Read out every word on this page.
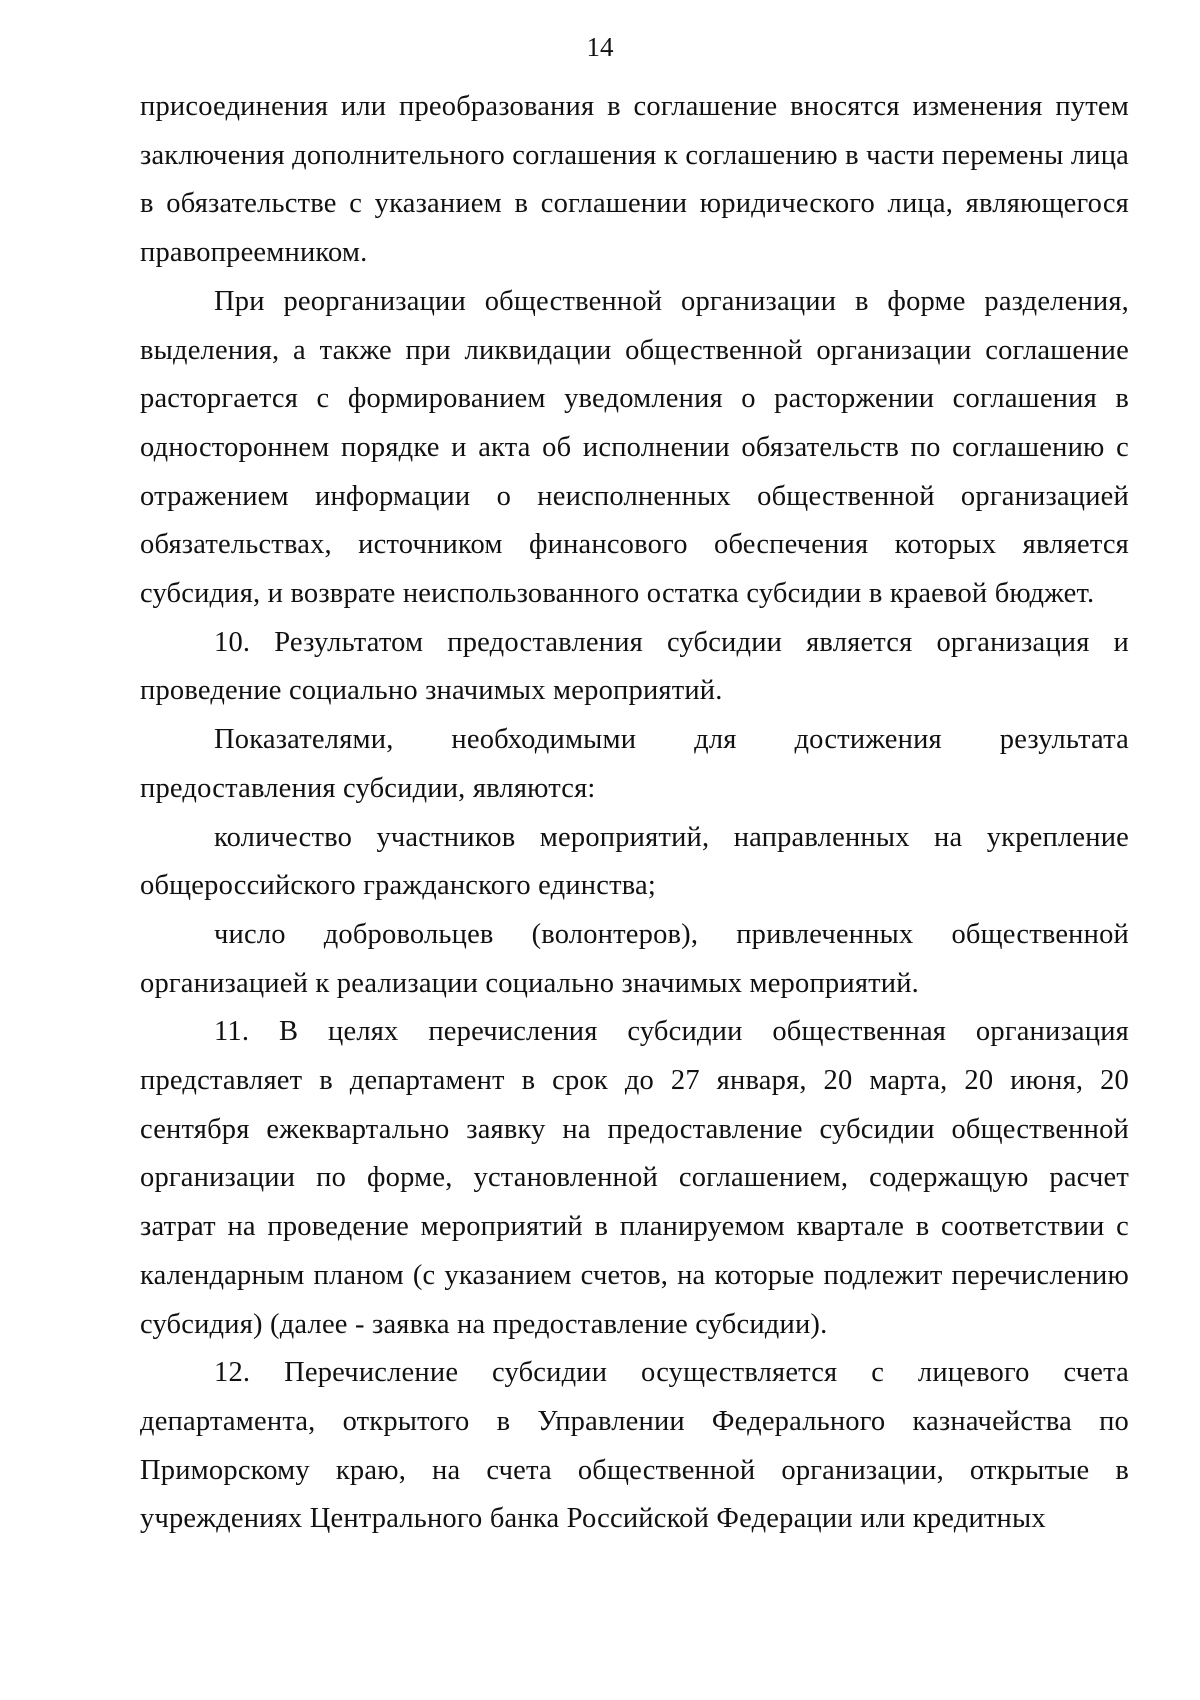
14

присоединения или преобразования в соглашение вносятся изменения путем заключения дополнительного соглашения к соглашению в части перемены лица в обязательстве с указанием в соглашении юридического лица, являющегося правопреемником.

При реорганизации общественной организации в форме разделения, выделения, а также при ликвидации общественной организации соглашение расторгается с формированием уведомления о расторжении соглашения в одностороннем порядке и акта об исполнении обязательств по соглашению с отражением информации о неисполненных общественной организацией обязательствах, источником финансового обеспечения которых является субсидия, и возврате неиспользованного остатка субсидии в краевой бюджет.

10. Результатом предоставления субсидии является организация и проведение социально значимых мероприятий.

Показателями, необходимыми для достижения результата предоставления субсидии, являются:

количество участников мероприятий, направленных на укрепление общероссийского гражданского единства;

число добровольцев (волонтеров), привлеченных общественной организацией к реализации социально значимых мероприятий.

11. В целях перечисления субсидии общественная организация представляет в департамент в срок до 27 января, 20 марта, 20 июня, 20 сентября ежеквартально заявку на предоставление субсидии общественной организации по форме, установленной соглашением, содержащую расчет затрат на проведение мероприятий в планируемом квартале в соответствии с календарным планом (с указанием счетов, на которые подлежит перечислению субсидия) (далее - заявка на предоставление субсидии).

12. Перечисление субсидии осуществляется с лицевого счета департамента, открытого в Управлении Федерального казначейства по Приморскому краю, на счета общественной организации, открытые в учреждениях Центрального банка Российской Федерации или кредитных
